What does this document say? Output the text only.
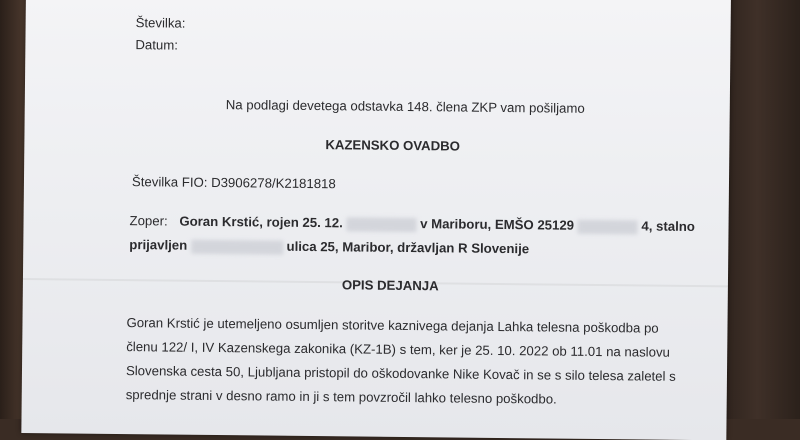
Številka:
Datum:
Na podlagi devetega odstavka 148. člena ZKP vam pošiljamo
KAZENSKO OVADBO
Številka FIO: D3906278/K2181818
Zoper: Goran Krstić, rojen 25. 12.	v Mariboru, EMŠO 25129	4, stalno
prijavljen	ulica 25, Maribor, državljan R Slovenije
OPIS DEJANJA
Goran Krstić je utemeljeno osumljen storitve kaznivega dejanja Lahka telesna poškodba po
členu 122/ I, IV Kazenskega zakonika (KZ-1B) s tem, ker je 25. 10. 2022 ob 11.01 na naslovu
Slovenska cesta 50, Ljubljana pristopil do oškodovanke Nike Kovač in se s silo telesa zaletel s
sprednje strani v desno ramo in ji s tem povzročil lahko telesno poškodbo.
